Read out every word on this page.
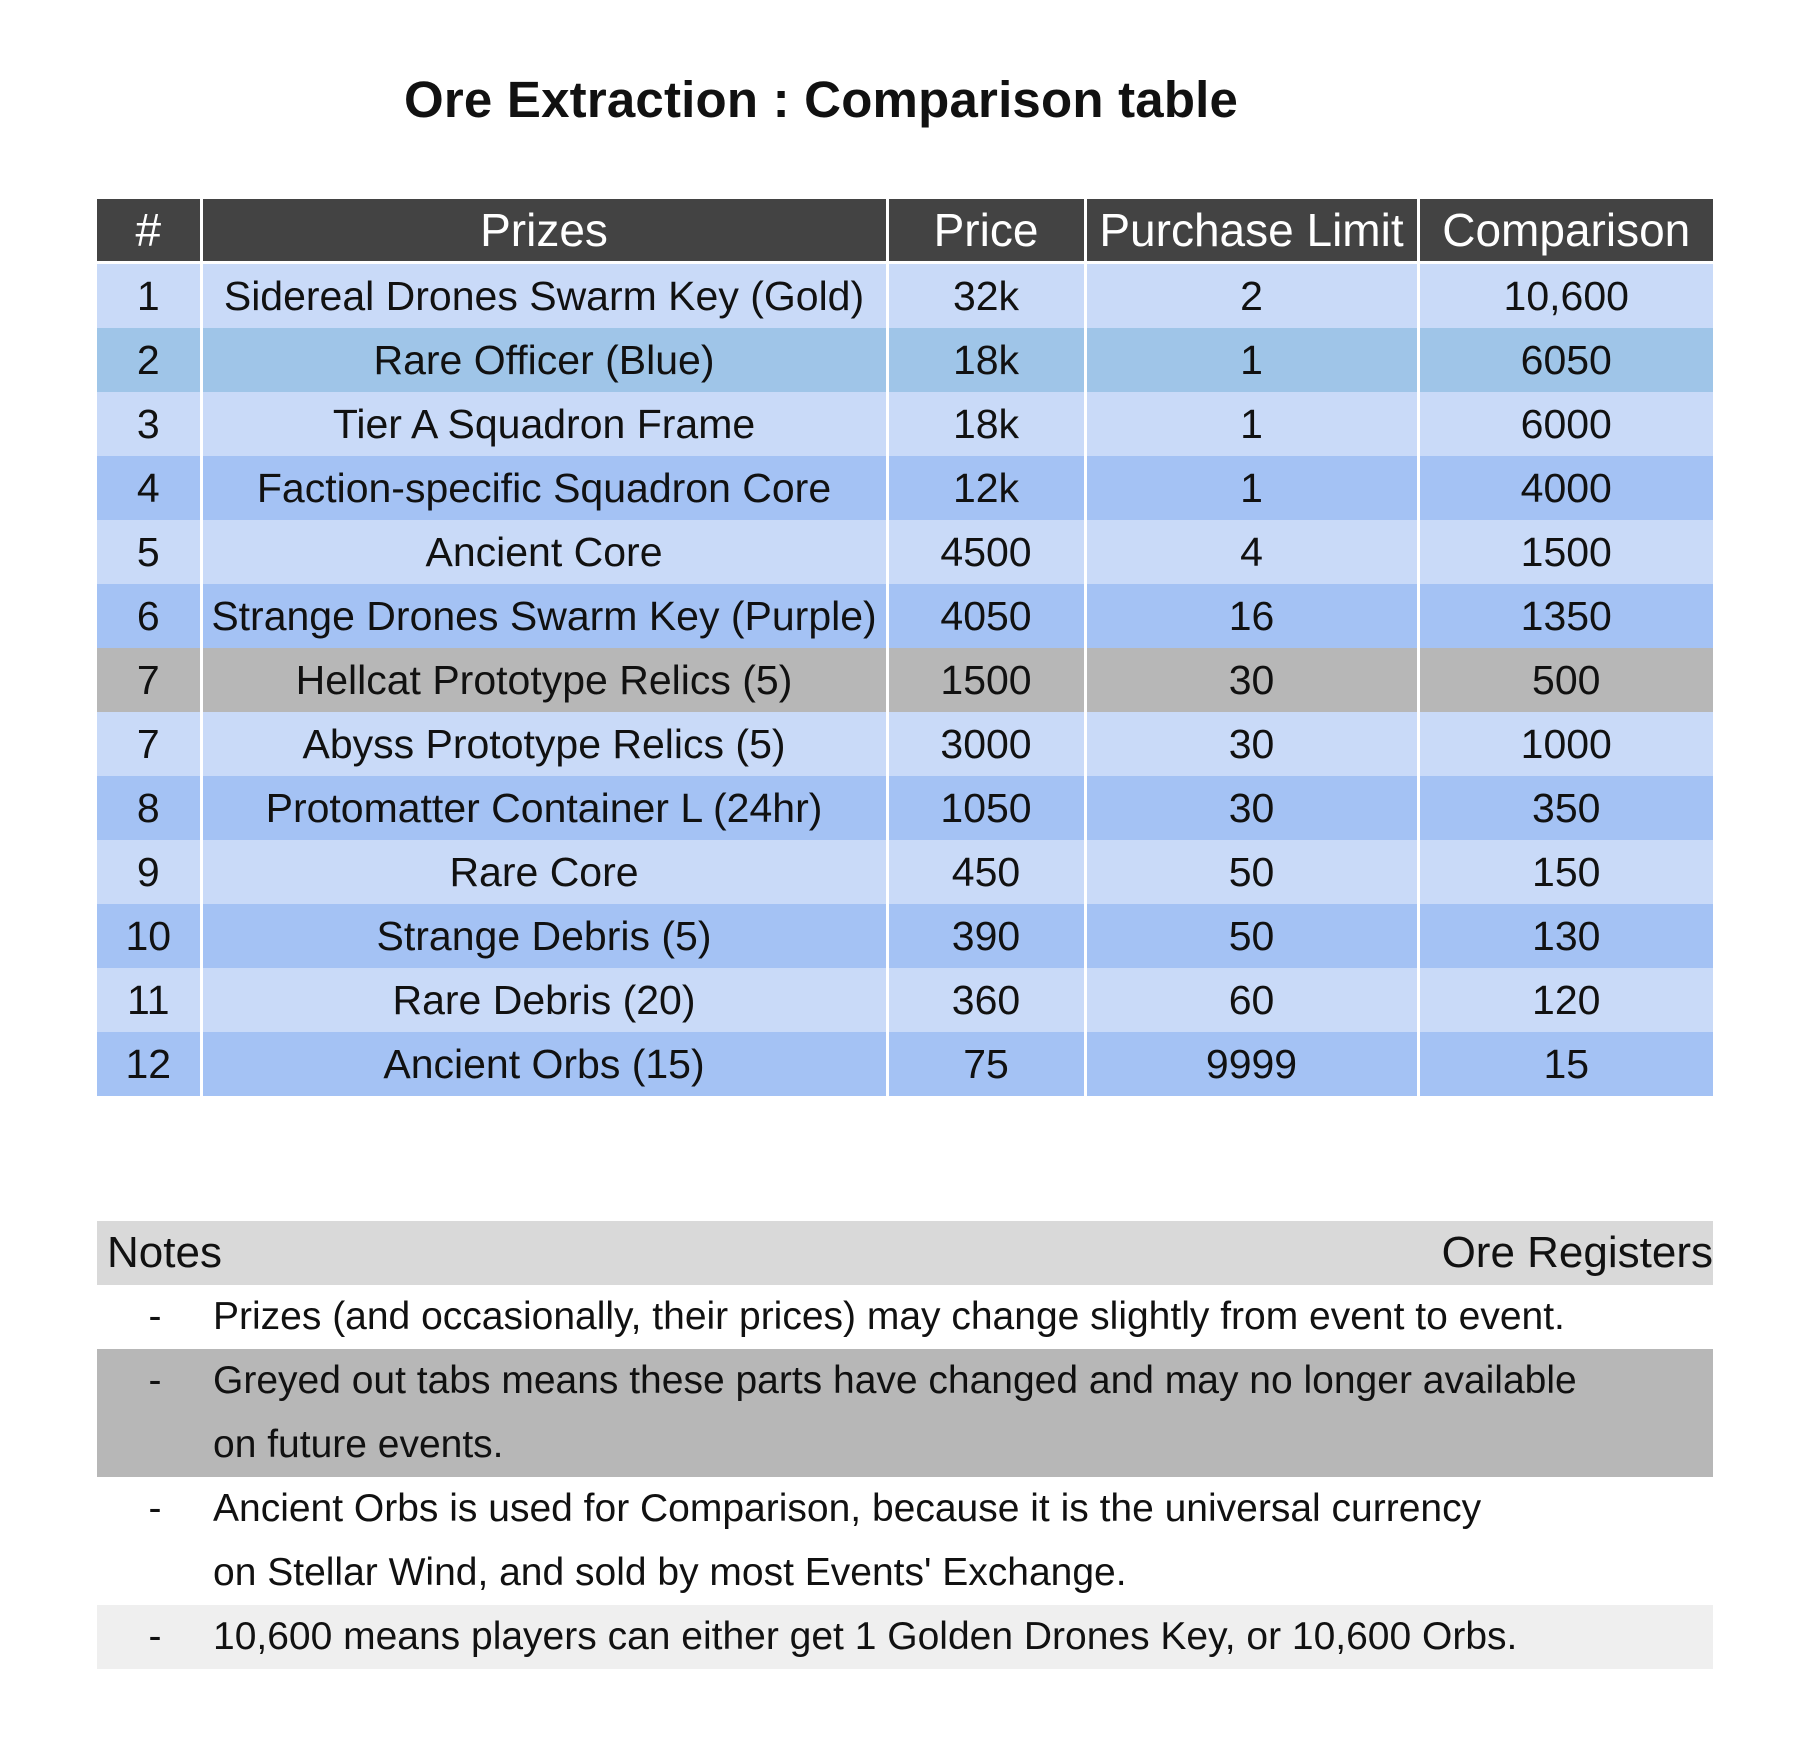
Ore Extraction : Comparison table
#	Prizes	Price	Purchase Limit	Comparison
1	Sidereal Drones Swarm Key (Gold)	32k	2	10,600
2	Rare Officer (Blue)	18k	1	6050
3	Tier A Squadron Frame	18k	1	6000
4	Faction-specific Squadron Core	12k	1	4000
5	Ancient Core	4500	4	1500
6	Strange Drones Swarm Key (Purple)	4050	16	1350
7	Hellcat Prototype Relics (5)	1500	30	500
7	Abyss Prototype Relics (5)	3000	30	1000
8	Protomatter Container L (24hr)	1050	30	350
9	Rare Core	450	50	150
10	Strange Debris (5)	390	50	130
11	Rare Debris (20)	360	60	120
12	Ancient Orbs (15)	75	9999	15
Notes	Ore Registers
-	Prizes (and occasionally, their prices) may change slightly from event to event.
-	Greyed out tabs means these parts have changed and may no longer available
on future events.
-	Ancient Orbs is used for Comparison, because it is the universal currency
on Stellar Wind, and sold by most Events' Exchange.
-	10,600 means players can either get 1 Golden Drones Key, or 10,600 Orbs.
